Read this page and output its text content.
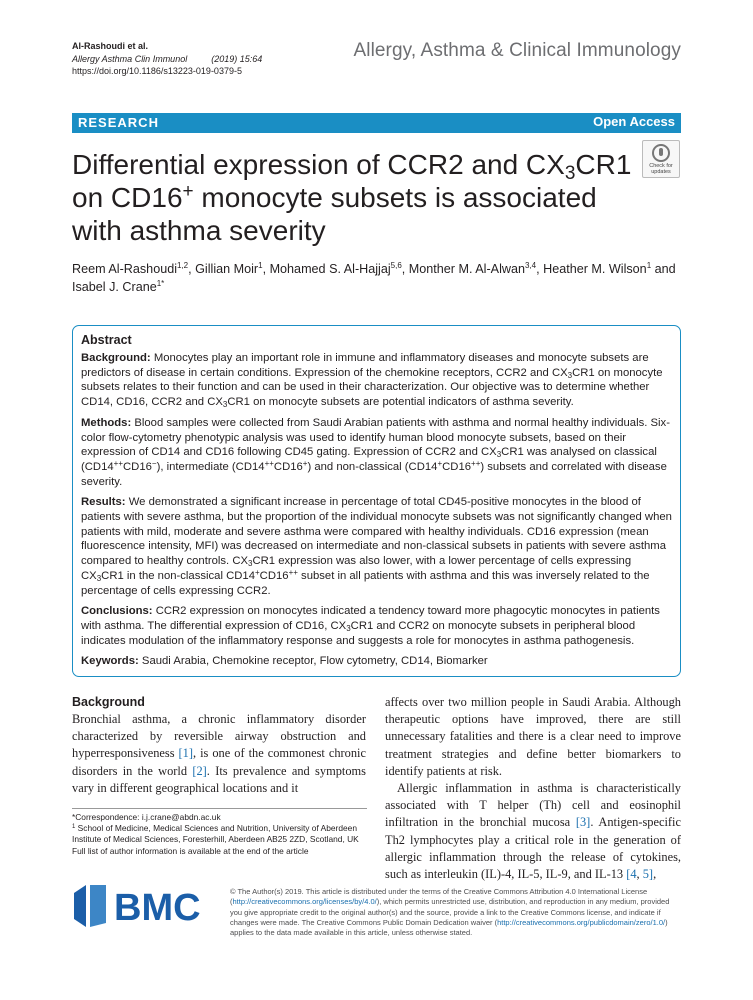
Al-Rashoudi et al.
Allergy Asthma Clin Immunol	(2019) 15:64
https://doi.org/10.1186/s13223-019-0379-5
Allergy, Asthma & Clinical Immunology
RESEARCH	Open Access
Differential expression of CCR2 and $CX_3CR1$ on CD16+ monocyte subsets is associated with asthma severity
Check for
updates
Reem Al-Rashoudi$^{1,2}$, Gillian Moir$^1$, Mohamed S. Al-Hajjaj$^{5,6}$, Monther M. Al-Alwan$^{3,4}$, Heather M. Wilson$^1$ and Isabel J. Crane$^{1*}$
Abstract

Background: Monocytes play an important role in immune and inflammatory diseases and monocyte subsets are predictors of disease in certain conditions. Expression of the chemokine receptors, CCR2 and $CX_3CR1$ on monocyte subsets relates to their function and can be used in their characterization. Our objective was to determine whether CD14, CD16, CCR2 and $CX_3CR1$ on monocyte subsets are potential indicators of asthma severity.

Methods: Blood samples were collected from Saudi Arabian patients with asthma and normal healthy individuals. Six-color flow-cytometry phenotypic analysis was used to identify human blood monocyte subsets, based on their expression of CD14 and CD16 following CD45 gating. Expression of CCR2 and $CX_3CR1$ was analysed on classical (CD14++CD16−), intermediate (CD14++CD16+) and non-classical (CD14+CD16++) subsets and correlated with disease severity.

Results: We demonstrated a significant increase in percentage of total CD45-positive monocytes in the blood of patients with severe asthma, but the proportion of the individual monocyte subsets was not significantly changed when patients with mild, moderate and severe asthma were compared with healthy individuals. CD16 expression (mean fluorescence intensity, MFI) was decreased on intermediate and non-classical subsets in patients with severe asthma compared to healthy controls. $CX_3CR1$ expression was also lower, with a lower percentage of cells expressing $CX_3CR1$ in the non-classical CD14+CD16++ subset in all patients with asthma and this was inversely related to the percentage of cells expressing CCR2.

Conclusions: CCR2 expression on monocytes indicated a tendency toward more phagocytic monocytes in patients with asthma. The differential expression of CD16, $CX_3CR1$ and CCR2 on monocyte subsets in peripheral blood indicates modulation of the inflammatory response and suggests a role for monocytes in asthma pathogenesis.

Keywords: Saudi Arabia, Chemokine receptor, Flow cytometry, CD14, Biomarker

Background

Bronchial asthma, a chronic inflammatory disorder characterized by reversible airway obstruction and hyperresponsiveness [1], is one of the commonest chronic disorders in the world [2]. Its prevalence and symptoms vary in different geographical locations and it

affects over two million people in Saudi Arabia. Although therapeutic options have improved, there are still unnecessary fatalities and there is a clear need to improve treatment strategies and define better biomarkers to identify patients at risk.

Allergic inflammation in asthma is characteristically associated with T helper (Th) cell and eosinophil infiltration in the bronchial mucosa [3]. Antigen-specific Th2 lymphocytes play a critical role in the generation of allergic inflammation through the release of cytokines, such as interleukin (IL)-4, IL-5, IL-9, and IL-13 [4, 5],

*Correspondence: i.j.crane@abdn.ac.uk
$^1$ School of Medicine, Medical Sciences and Nutrition, University of Aberdeen Institute of Medical Sciences, Foresterhill, Aberdeen AB25 2ZD, Scotland, UK
Full list of author information is available at the end of the article
BMC	© The Author(s) 2019. This article is distributed under the terms of the Creative Commons Attribution 4.0 International License (http://creativecommons.org/licenses/by/4.0/), which permits unrestricted use, distribution, and reproduction in any medium, provided you give appropriate credit to the original author(s) and the source, provide a link to the Creative Commons license, and indicate if changes were made. The Creative Commons Public Domain Dedication waiver (http://creativecommons.org/publicdomain/zero/1.0/) applies to the data made available in this article, unless otherwise stated.
